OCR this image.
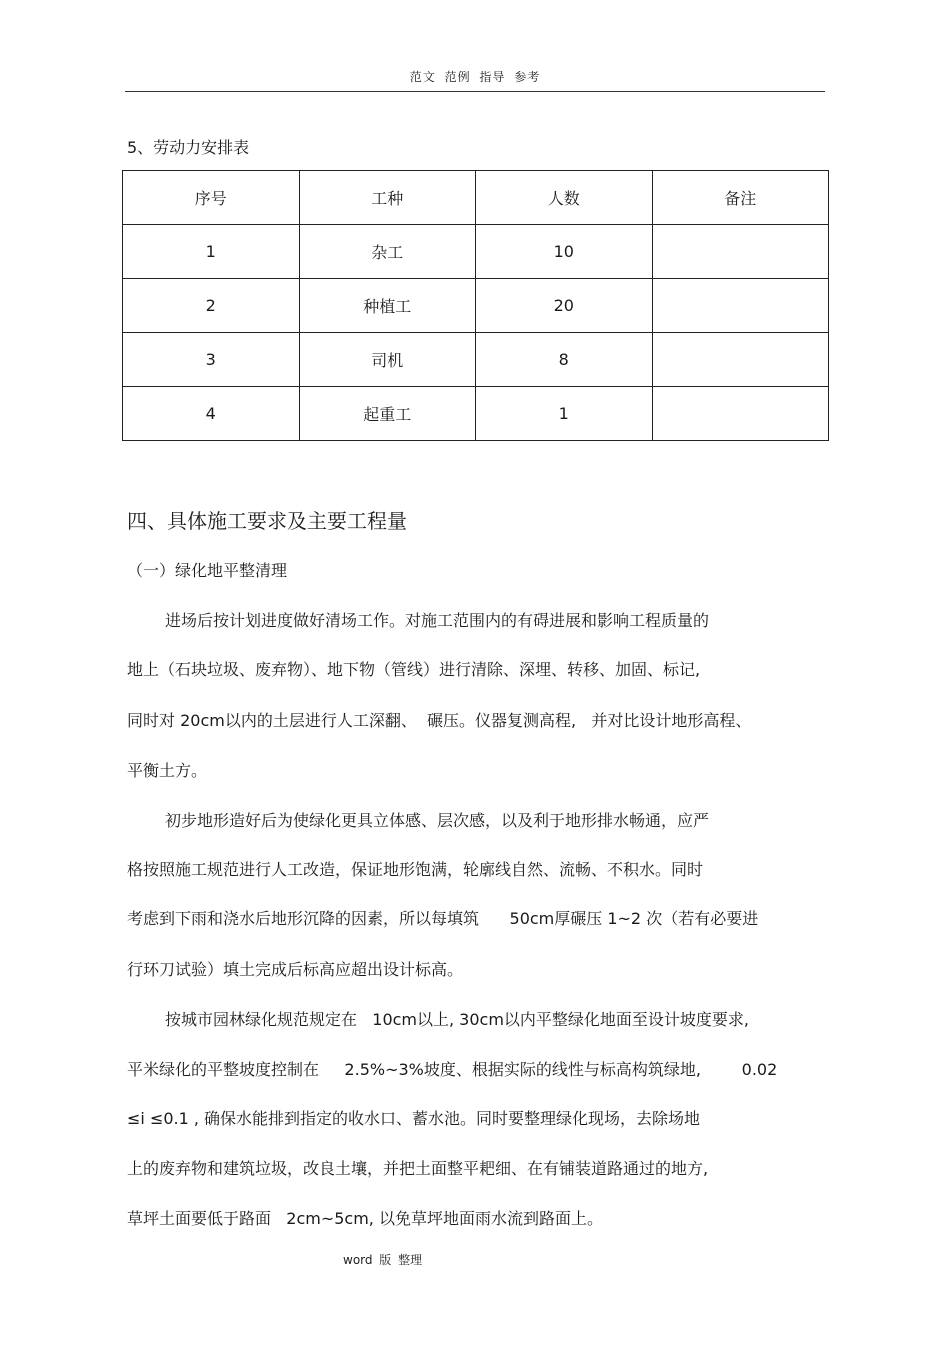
范文 范例 指导 参考
5、劳动力安排表
序号	工种	人数	备注
1	杂工	10	
2	种植工	20	
3	司机	8	
4	起重工	1	
四、具体施工要求及主要工程量
（一）绿化地平整清理
进场后按计划进度做好清场工作。对施工范围内的有碍进展和影响工程质量的
地上（石块垃圾、废弃物）、地下物（管线）进行清除、深埋、转移、加固、标记,
同时对 20cm以内的土层进行人工深翻、  碾压。仪器复测高程,   并对比设计地形高程、
平衡土方。
初步地形造好后为使绿化更具立体感、层次感，以及利于地形排水畅通，应严
格按照施工规范进行人工改造，保证地形饱满，轮廓线自然、流畅、不积水。同时
考虑到下雨和浇水后地形沉降的因素，所以每填筑      50cm厚碾压 1~2 次（若有必要进
行环刀试验）填土完成后标高应超出设计标高。
按城市园林绿化规范规定在   10cm以上, 30cm以内平整绿化地面至设计坡度要求,
平米绿化的平整坡度控制在     2.5%~3%坡度、根据实际的线性与标高构筑绿地,        0.02
≤i ≤0.1 , 确保水能排到指定的收水口、蓄水池。同时要整理绿化现场，去除场地
上的废弃物和建筑垃圾，改良土壤，并把土面整平耙细、在有铺装道路通过的地方,
草坪土面要低于路面   2cm~5cm, 以免草坪地面雨水流到路面上。
word 版 整理
